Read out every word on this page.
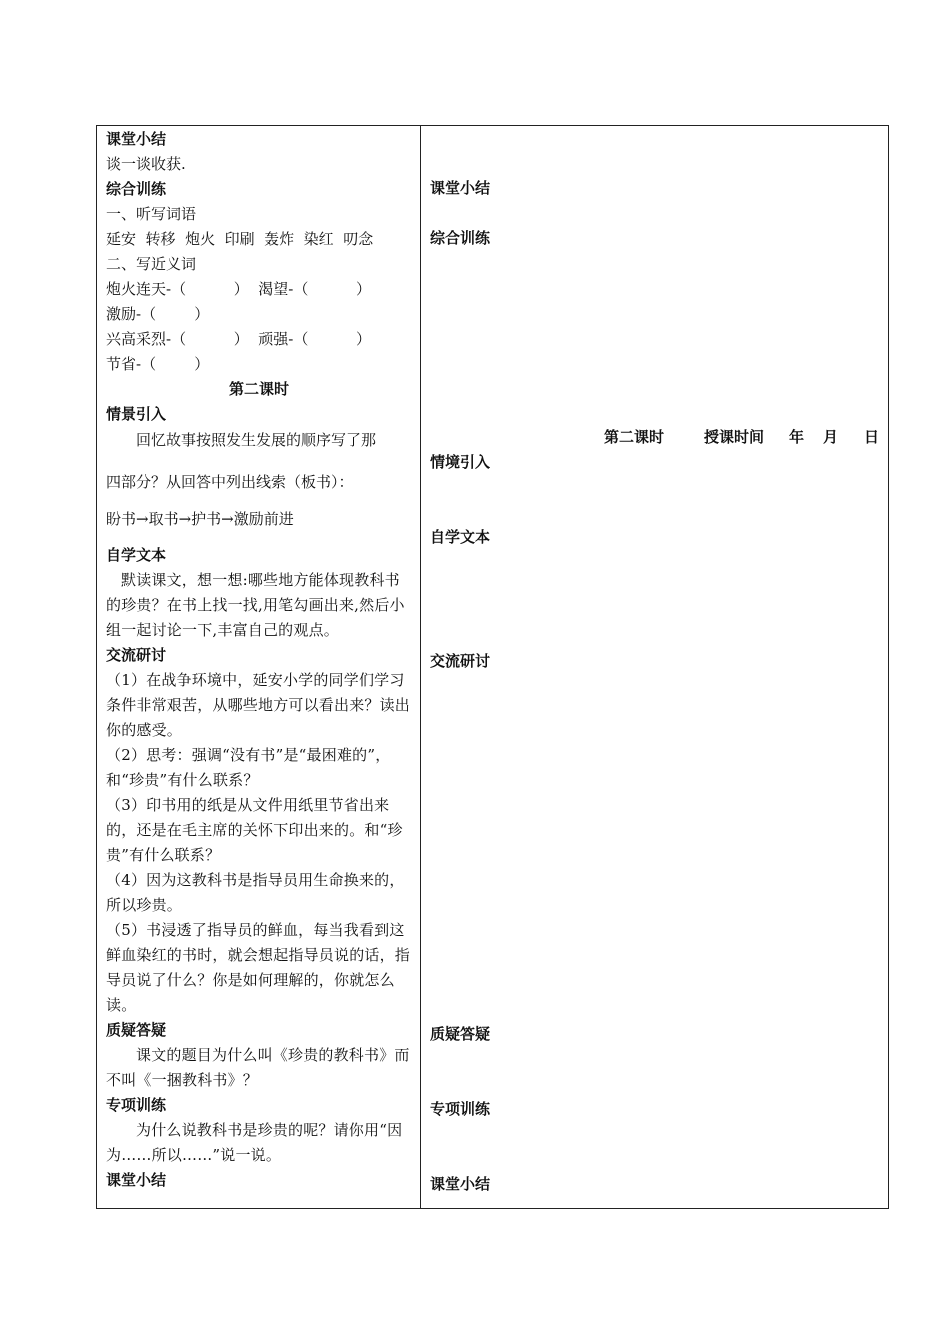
课堂小结
谈一谈收获.
综合训练
一、听写词语
延安  转移  炮火  印刷  轰炸  染红  叨念
二、写近义词
炮火连天-（          ）  渴望-（          ）
激励-（        ）
兴高采烈-（          ）  顽强-（          ）
节省-（        ）
第二课时
情景引入
回忆故事按照发生发展的顺序写了那
四部分？从回答中列出线索（板书）：
盼书→取书→护书→激励前进
自学文本
默读课文，想一想:哪些地方能体现教科书的珍贵？在书上找一找,用笔勾画出来,然后小组一起讨论一下,丰富自己的观点。
交流研讨
（1）在战争环境中，延安小学的同学们学习条件非常艰苦，从哪些地方可以看出来？读出你的感受。
（2）思考：强调“没有书”是“最困难的”，和“珍贵”有什么联系？
（3）印书用的纸是从文件用纸里节省出来的，还是在毛主席的关怀下印出来的。和“珍贵”有什么联系？
（4）因为这教科书是指导员用生命换来的，所以珍贵。
（5）书浸透了指导员的鲜血，每当我看到这鲜血染红的书时，就会想起指导员说的话，指导员说了什么？你是如何理解的，你就怎么读。
质疑答疑
课文的题目为什么叫《珍贵的教科书》而不叫《一捆教科书》？
专项训练
为什么说教科书是珍贵的呢？请你用“因为……所以……”说一说。
课堂小结
课堂小结
综合训练
第二课时	授课时间 年 月 日
情境引入
自学文本
交流研讨
质疑答疑
专项训练
课堂小结
